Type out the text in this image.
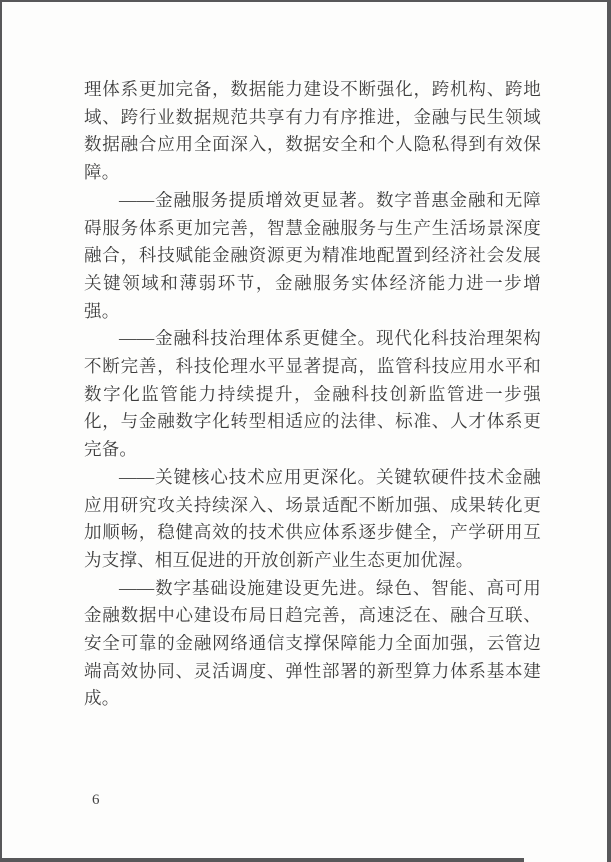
理体系更加完备，数据能力建设不断强化，跨机构、跨地域、跨行业数据规范共享有力有序推进，金融与民生领域数据融合应用全面深入，数据安全和个人隐私得到有效保障。

——金融服务提质增效更显著。数字普惠金融和无障碍服务体系更加完善，智慧金融服务与生产生活场景深度融合，科技赋能金融资源更为精准地配置到经济社会发展关键领域和薄弱环节，金融服务实体经济能力进一步增强。

——金融科技治理体系更健全。现代化科技治理架构不断完善，科技伦理水平显著提高，监管科技应用水平和数字化监管能力持续提升，金融科技创新监管进一步强化，与金融数字化转型相适应的法律、标准、人才体系更完备。

——关键核心技术应用更深化。关键软硬件技术金融应用研究攻关持续深入、场景适配不断加强、成果转化更加顺畅，稳健高效的技术供应体系逐步健全，产学研用互为支撑、相互促进的开放创新产业生态更加优渥。

——数字基础设施建设更先进。绿色、智能、高可用金融数据中心建设布局日趋完善，高速泛在、融合互联、安全可靠的金融网络通信支撑保障能力全面加强，云管边端高效协同、灵活调度、弹性部署的新型算力体系基本建成。

6
